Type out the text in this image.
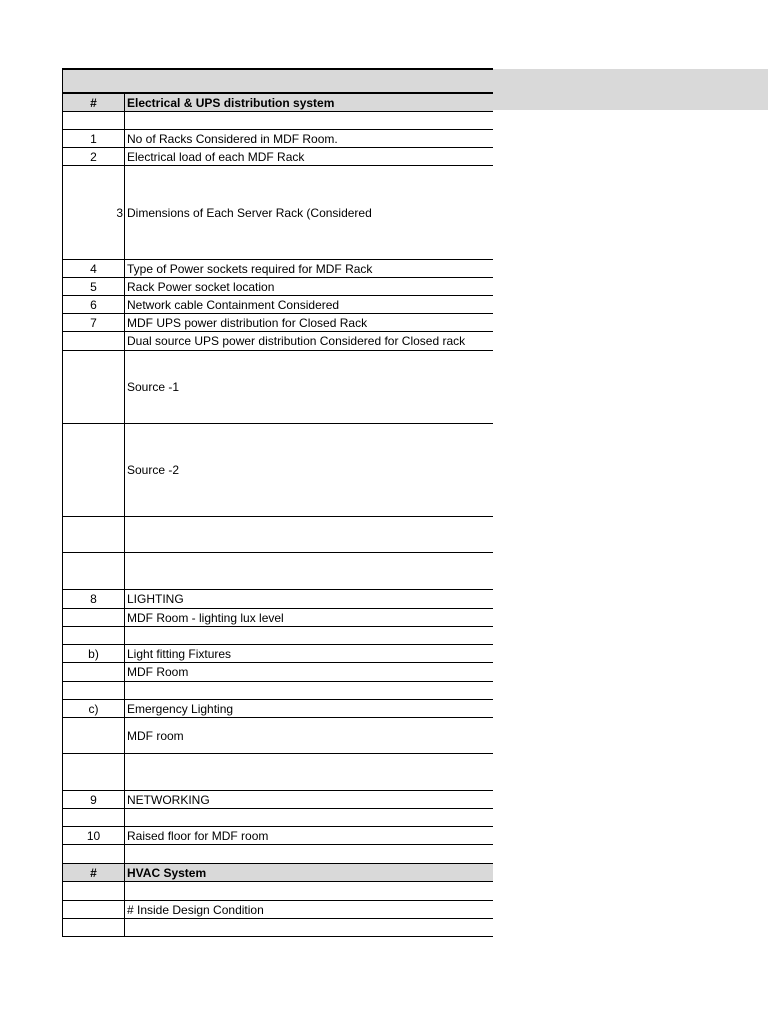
#	Electrical & UPS distribution system
1	No of Racks Considered in MDF Room.
2	Electrical load of each MDF Rack
3 Dimensions of Each Server Rack (Considered
4	Type of Power sockets required for MDF Rack
5	Rack Power socket location
6	Network cable Containment Considered
7	MDF UPS power distribution for Closed Rack
Dual source UPS power distribution Considered for Closed rack
Source -1
Source -2
8	LIGHTING
MDF Room - lighting lux level
b)	Light fitting Fixtures
MDF Room
c)	Emergency Lighting
MDF room
9	NETWORKING
10	Raised floor for MDF room
#	HVAC System
# Inside Design Condition
